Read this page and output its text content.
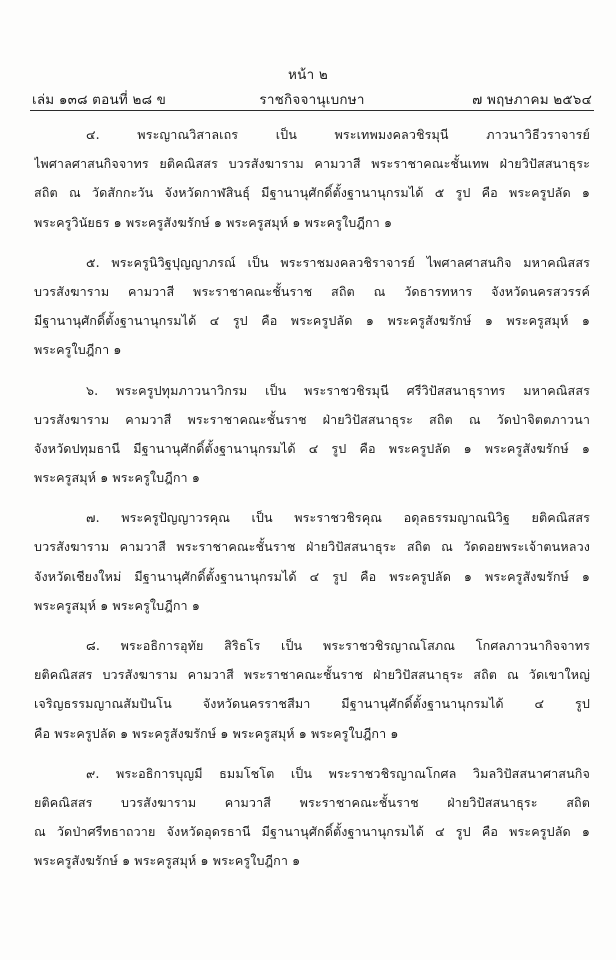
หน้า ๒
เล่ม ๑๓๘ ตอนที่ ๒๘ ข	ราชกิจจานุเบกษา	๗ พฤษภาคม ๒๕๖๔
๔. พระญาณวิสาลเถร เป็น พระเทพมงคลวชิรมุนี ภาวนาวิธีวราจารย์
ไพศาลศาสนกิจจาทร ยติคณิสสร บวรสังฆาราม คามวาสี พระราชาคณะชั้นเทพ ฝ่ายวิปัสสนาธุระ
สถิต ณ วัดสักกะวัน จังหวัดกาฬสินธุ์ มีฐานานุศักดิ์ตั้งฐานานุกรมได้ ๕ รูป คือ พระครูปลัด ๑
พระครูวินัยธร ๑ พระครูสังฆรักษ์ ๑ พระครูสมุห์ ๑ พระครูใบฎีกา ๑
๕. พระครูนิวิฐปุญญาภรณ์ เป็น พระราชมงคลวชิราจารย์ ไพศาลศาสนกิจ มหาคณิสสร
บวรสังฆาราม คามวาสี พระราชาคณะชั้นราช สถิต ณ วัดธารทหาร จังหวัดนครสวรรค์
มีฐานานุศักดิ์ตั้งฐานานุกรมได้ ๔ รูป คือ พระครูปลัด ๑ พระครูสังฆรักษ์ ๑ พระครูสมุห์ ๑
พระครูใบฎีกา ๑
๖. พระครูปทุมภาวนาวิกรม เป็น พระราชวชิรมุนี ศรีวิปัสสนาธุราทร มหาคณิสสร
บวรสังฆาราม คามวาสี พระราชาคณะชั้นราช ฝ่ายวิปัสสนาธุระ สถิต ณ วัดป่าจิตตภาวนา
จังหวัดปทุมธานี มีฐานานุศักดิ์ตั้งฐานานุกรมได้ ๔ รูป คือ พระครูปลัด ๑ พระครูสังฆรักษ์ ๑
พระครูสมุห์ ๑ พระครูใบฎีกา ๑
๗. พระครูปัญญาวรคุณ เป็น พระราชวชิรคุณ อดุลธรรมญาณนิวิฐ ยติคณิสสร
บวรสังฆาราม คามวาสี พระราชาคณะชั้นราช ฝ่ายวิปัสสนาธุระ สถิต ณ วัดดอยพระเจ้าตนหลวง
จังหวัดเชียงใหม่ มีฐานานุศักดิ์ตั้งฐานานุกรมได้ ๔ รูป คือ พระครูปลัด ๑ พระครูสังฆรักษ์ ๑
พระครูสมุห์ ๑ พระครูใบฎีกา ๑
๘. พระอธิการอุทัย สิริธโร เป็น พระราชวชิรญาณโสภณ โกศลภาวนากิจจาทร
ยติคณิสสร บวรสังฆาราม คามวาสี พระราชาคณะชั้นราช ฝ่ายวิปัสสนาธุระ สถิต ณ วัดเขาใหญ่
เจริญธรรมญาณสัมปันโน จังหวัดนครราชสีมา มีฐานานุศักดิ์ตั้งฐานานุกรมได้ ๔ รูป
คือ พระครูปลัด ๑ พระครูสังฆรักษ์ ๑ พระครูสมุห์ ๑ พระครูใบฎีกา ๑
๙. พระอธิการบุญมี ธมมโชโต เป็น พระราชวชิรญาณโกศล วิมลวิปัสสนาศาสนกิจ
ยติคณิสสร บวรสังฆาราม คามวาสี พระราชาคณะชั้นราช ฝ่ายวิปัสสนาธุระ สถิต
ณ วัดป่าศรีทธาถวาย จังหวัดอุดรธานี มีฐานานุศักดิ์ตั้งฐานานุกรมได้ ๔ รูป คือ พระครูปลัด ๑
พระครูสังฆรักษ์ ๑ พระครูสมุห์ ๑ พระครูใบฎีกา ๑
